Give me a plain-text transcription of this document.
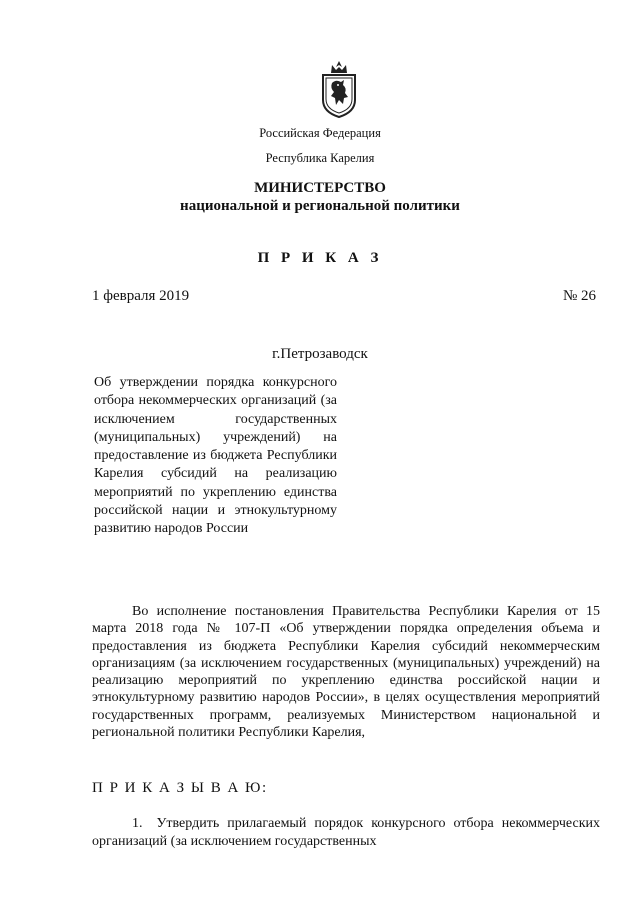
Российская Федерация
Республика Карелия
МИНИСТЕРСТВО
национальной и региональной политики
П Р И К А З
1 февраля 2019	№ 26
г.Петрозаводск
Об утверждении порядка конкурсного отбора некоммерческих организаций (за исключением государственных (муниципальных) учреждений) на предоставление из бюджета Республики Карелия субсидий на реализацию мероприятий по укреплению единства российской нации и этнокультурному развитию народов России

Во исполнение постановления Правительства Республики Карелия от 15 марта 2018 года № 107-П «Об утверждении порядка определения объема и предоставления из бюджета Республики Карелия субсидий некоммерческим организациям (за исключением государственных (муниципальных) учреждений) на реализацию мероприятий по укреплению единства российской нации и этнокультурному развитию народов России», в целях осуществления мероприятий государственных программ, реализуемых Министерством национальной и региональной политики Республики Карелия,

П Р И К А З Ы В А Ю:
1. Утвердить прилагаемый порядок конкурсного отбора некоммерческих организаций (за исключением государственных
